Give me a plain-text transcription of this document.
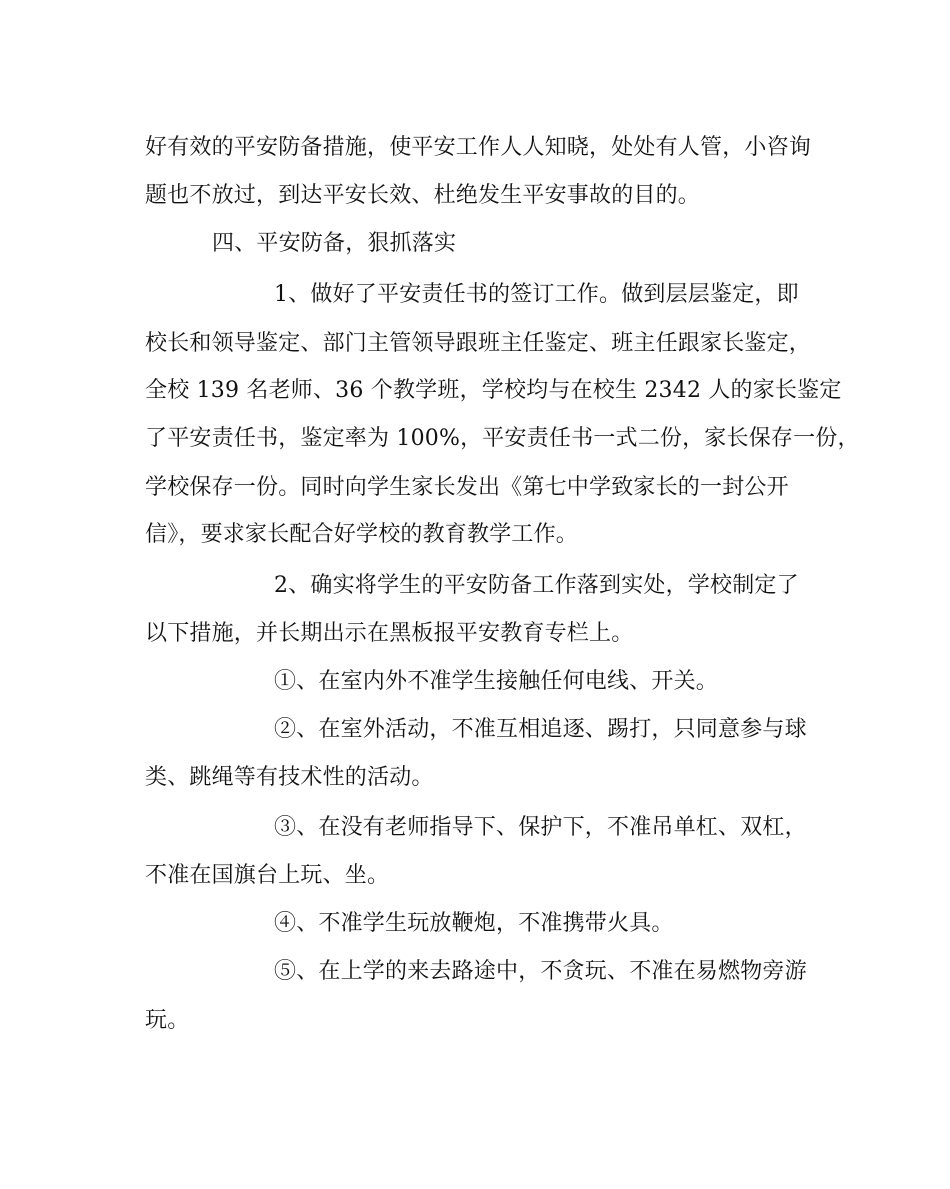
好有效的平安防备措施，使平安工作人人知晓，处处有人管，小咨询
题也不放过，到达平安长效、杜绝发生平安事故的目的。
四、平安防备，狠抓落实
1、做好了平安责任书的签订工作。做到层层鉴定，即
校长和领导鉴定、部门主管领导跟班主任鉴定、班主任跟家长鉴定，
全校 139 名老师、36 个教学班，学校均与在校生 2342 人的家长鉴定
了平安责任书，鉴定率为 100%，平安责任书一式二份，家长保存一份，
学校保存一份。同时向学生家长发出《第七中学致家长的一封公开
信》，要求家长配合好学校的教育教学工作。
2、确实将学生的平安防备工作落到实处，学校制定了
以下措施，并长期出示在黑板报平安教育专栏上。
①、在室内外不准学生接触任何电线、开关。
②、在室外活动，不准互相追逐、踢打，只同意参与球
类、跳绳等有技术性的活动。
③、在没有老师指导下、保护下，不准吊单杠、双杠，
不准在国旗台上玩、坐。
④、不准学生玩放鞭炮，不准携带火具。
⑤、在上学的来去路途中，不贪玩、不准在易燃物旁游
玩。
